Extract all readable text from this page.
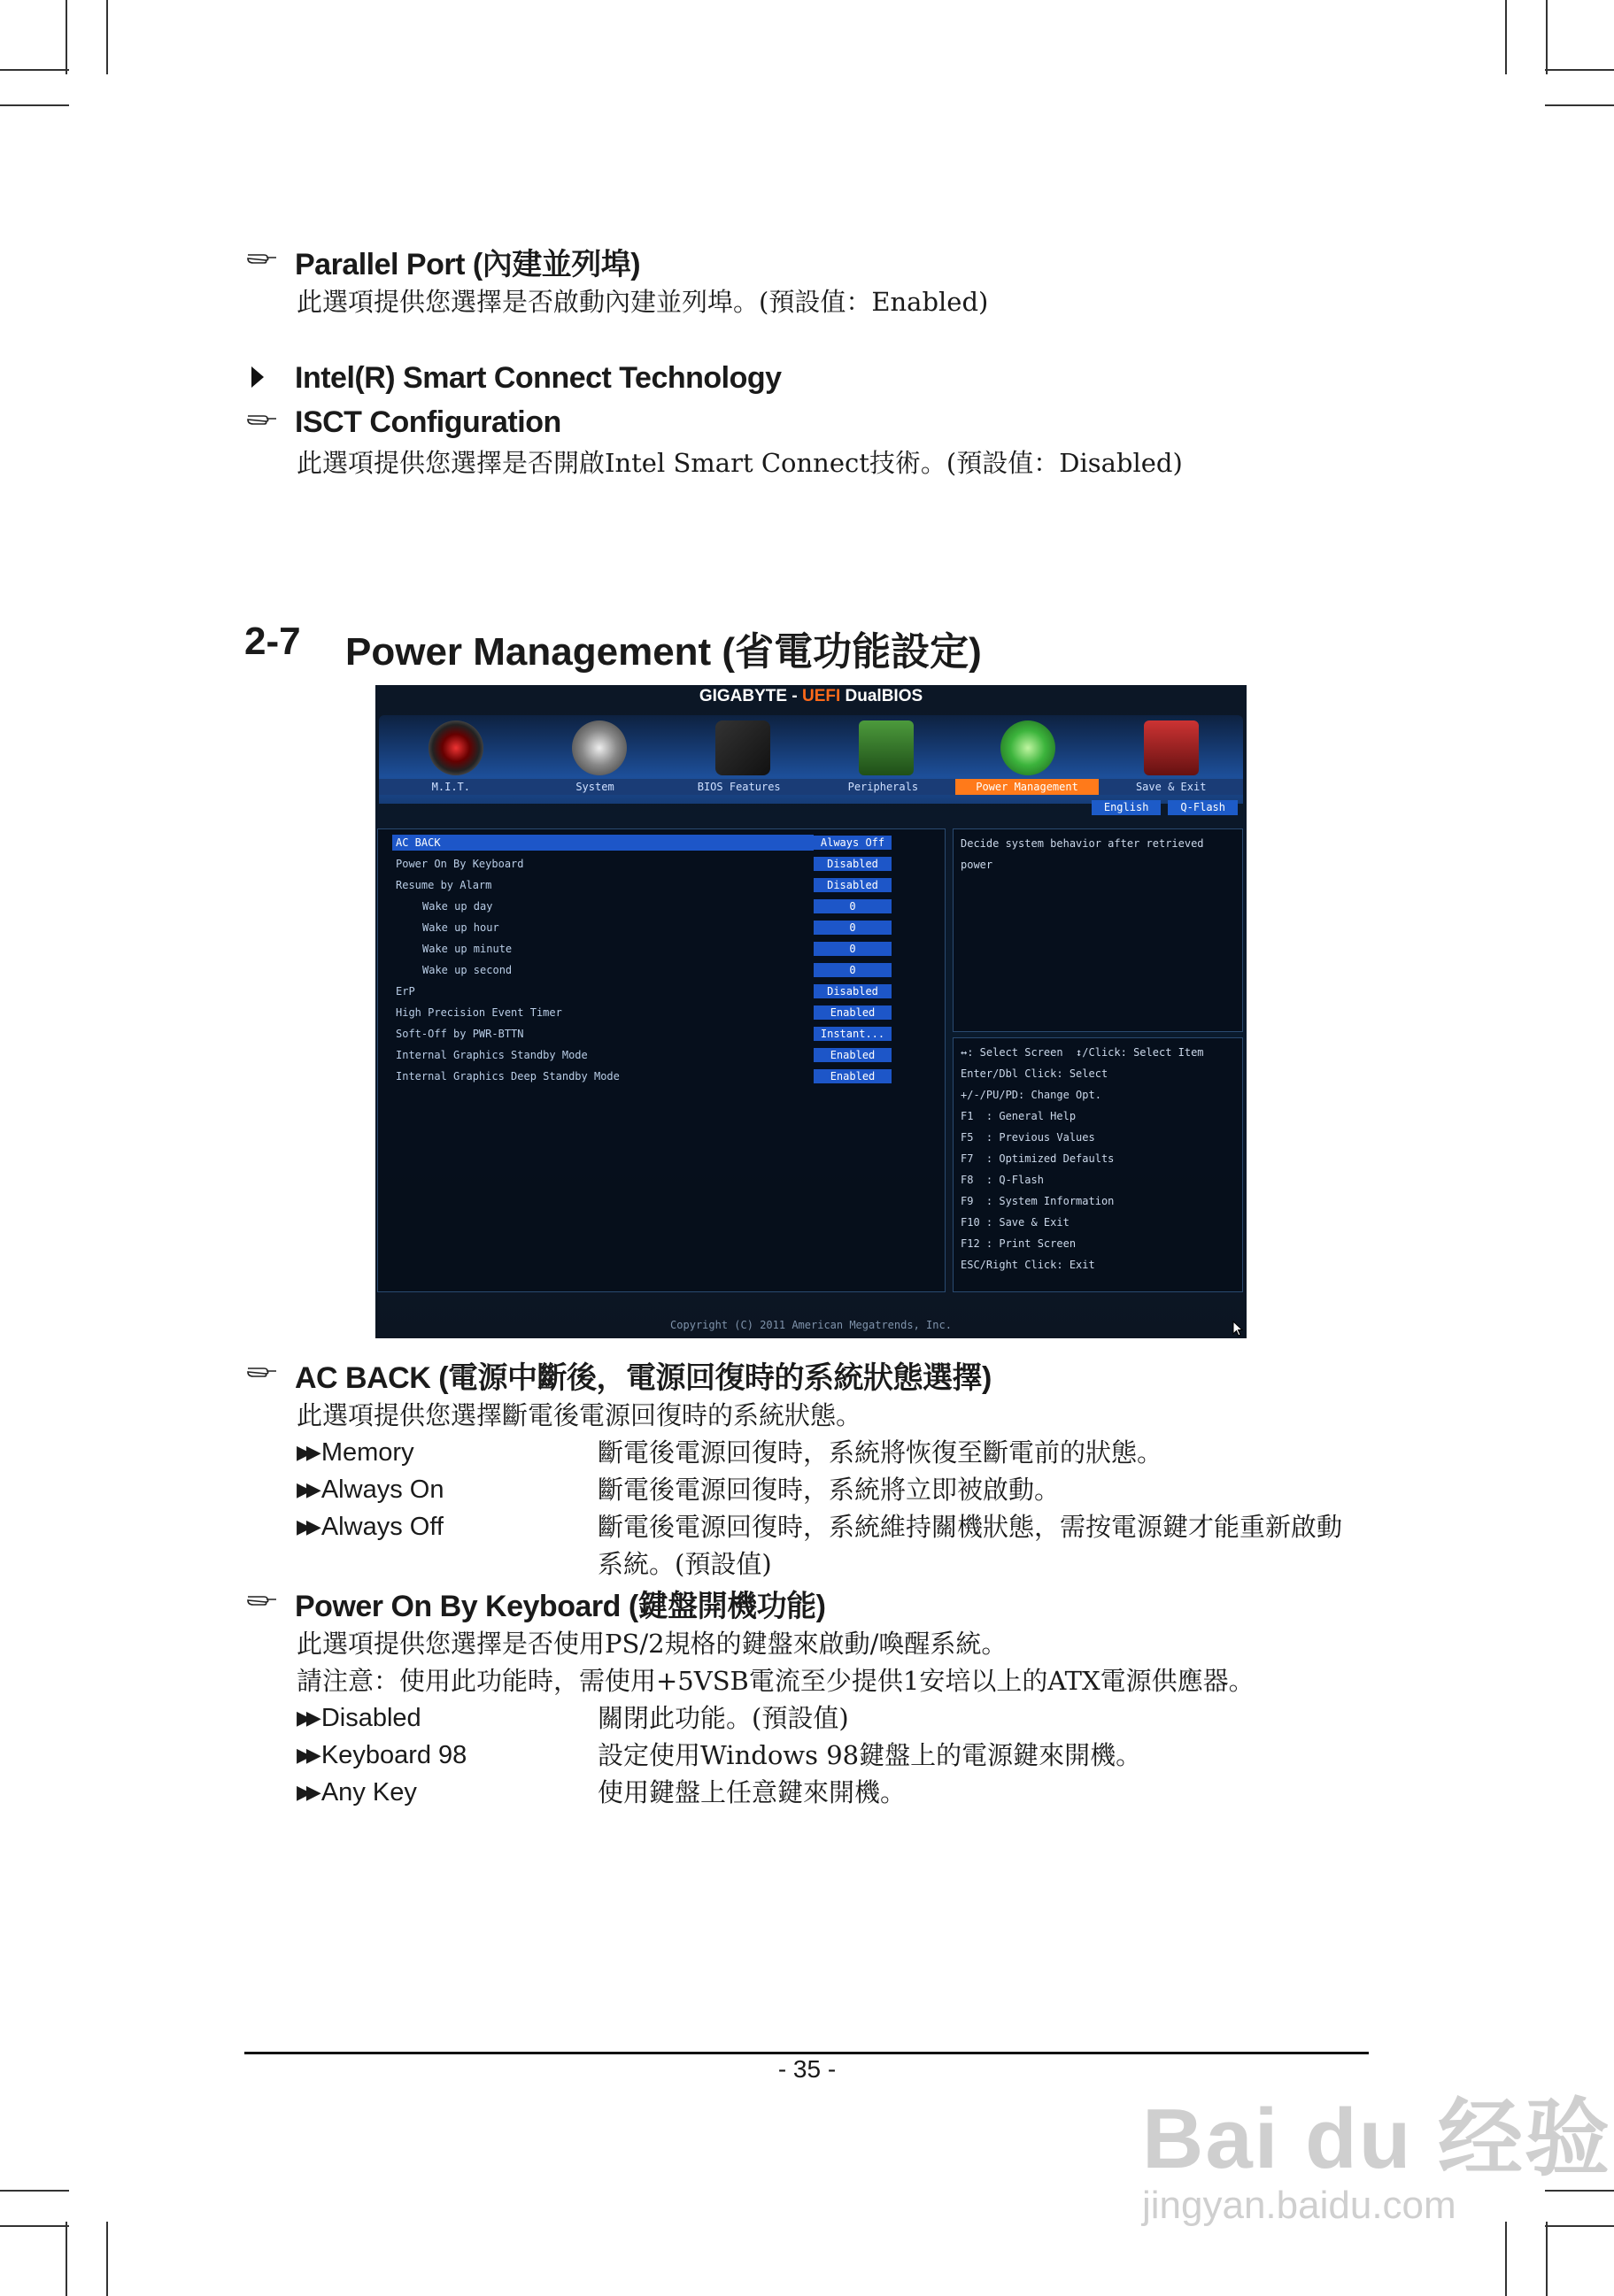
Parallel Port (內建並列埠)
此選項提供您選擇是否啟動內建並列埠。(預設值：Enabled)
Intel(R) Smart Connect Technology
ISCT Configuration
此選項提供您選擇是否開啟Intel Smart Connect技術。(預設值：Disabled)
2-7	Power Management (省電功能設定)
GIGABYTE - UEFI DualBIOS
M.I.T.	System	BIOS Features	Peripherals	Power Management	Save & Exit
English	Q-Flash
AC BACK	Always Off
Power On By Keyboard	Disabled
Resume by Alarm	Disabled
Wake up day	0
Wake up hour	0
Wake up minute	0
Wake up second	0
ErP	Disabled
High Precision Event Timer	Enabled
Soft-Off by PWR-BTTN	Instant...
Internal Graphics Standby Mode	Enabled
Internal Graphics Deep Standby Mode	Enabled
Decide system behavior after retrieved
power
↔: Select Screen  ↕/Click: Select Item
Enter/Dbl Click: Select
+/-/PU/PD: Change Opt.
F1  : General Help
F5  : Previous Values
F7  : Optimized Defaults
F8  : Q-Flash
F9  : System Information
F10 : Save & Exit
F12 : Print Screen
ESC/Right Click: Exit
Copyright (C) 2011 American Megatrends, Inc.
AC BACK (電源中斷後，電源回復時的系統狀態選擇)
此選項提供您選擇斷電後電源回復時的系統狀態。
▶▶ Memory	斷電後電源回復時，系統將恢復至斷電前的狀態。
▶▶ Always On	斷電後電源回復時，系統將立即被啟動。
▶▶ Always Off	斷電後電源回復時，系統維持關機狀態，需按電源鍵才能重新啟動
系統。(預設值)
Power On By Keyboard (鍵盤開機功能)
此選項提供您選擇是否使用PS/2規格的鍵盤來啟動/喚醒系統。
請注意：使用此功能時，需使用+5VSB電流至少提供1安培以上的ATX電源供應器。
▶▶ Disabled	關閉此功能。(預設值)
▶▶ Keyboard 98	設定使用Windows 98鍵盤上的電源鍵來開機。
▶▶ Any Key	使用鍵盤上任意鍵來開機。
- 35 -
Bai du 经验
jingyan.baidu.com
